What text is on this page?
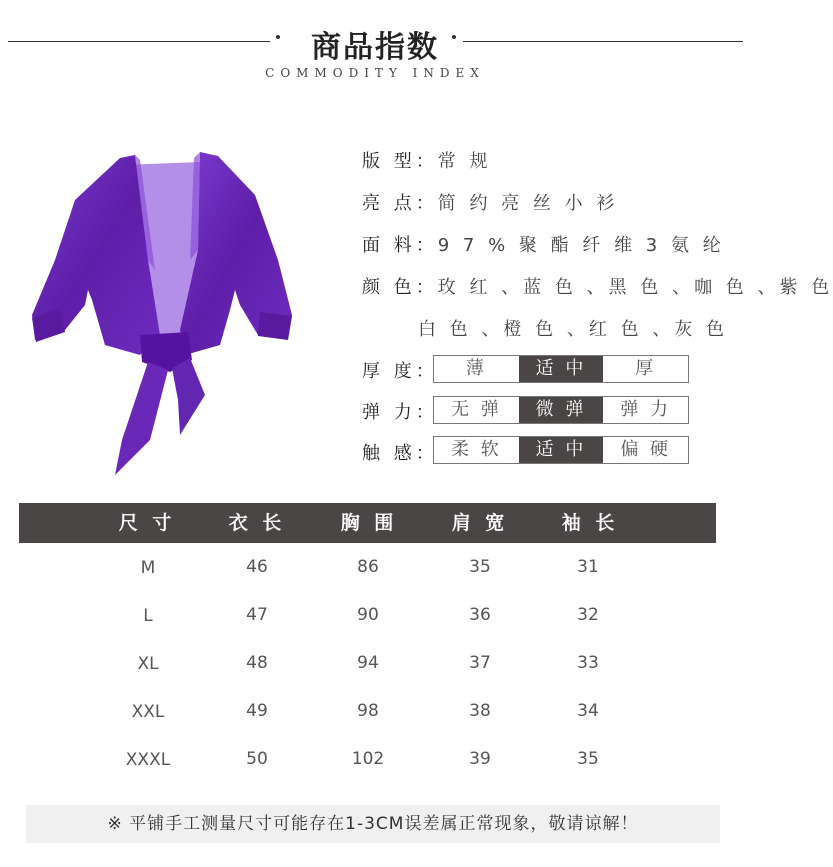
商品指数
COMMODITY INDEX
版 型：常 规
亮 点：简 约 亮 丝 小 衫
面 料：9 7 % 聚 酯 纤 维 3 氨 纶
颜 色：玫 红 、蓝 色 、黑 色 、咖 色 、紫 色
白 色 、橙 色 、红 色 、灰 色
厚 度：	薄	适 中	厚
弹 力： 无 弹	微 弹	弹 力
触 感： 柔 软	适 中	偏 硬
尺 寸	衣 长	胸 围	肩 宽	袖 长
M	46	86	35	31
L	47	90	36	32
XL	48	94	37	33
XXL	49	98	38	34
XXXL	50	102	39	35
※ 平铺手工测量尺寸可能存在1-3CM误差属正常现象，敬请谅解！
